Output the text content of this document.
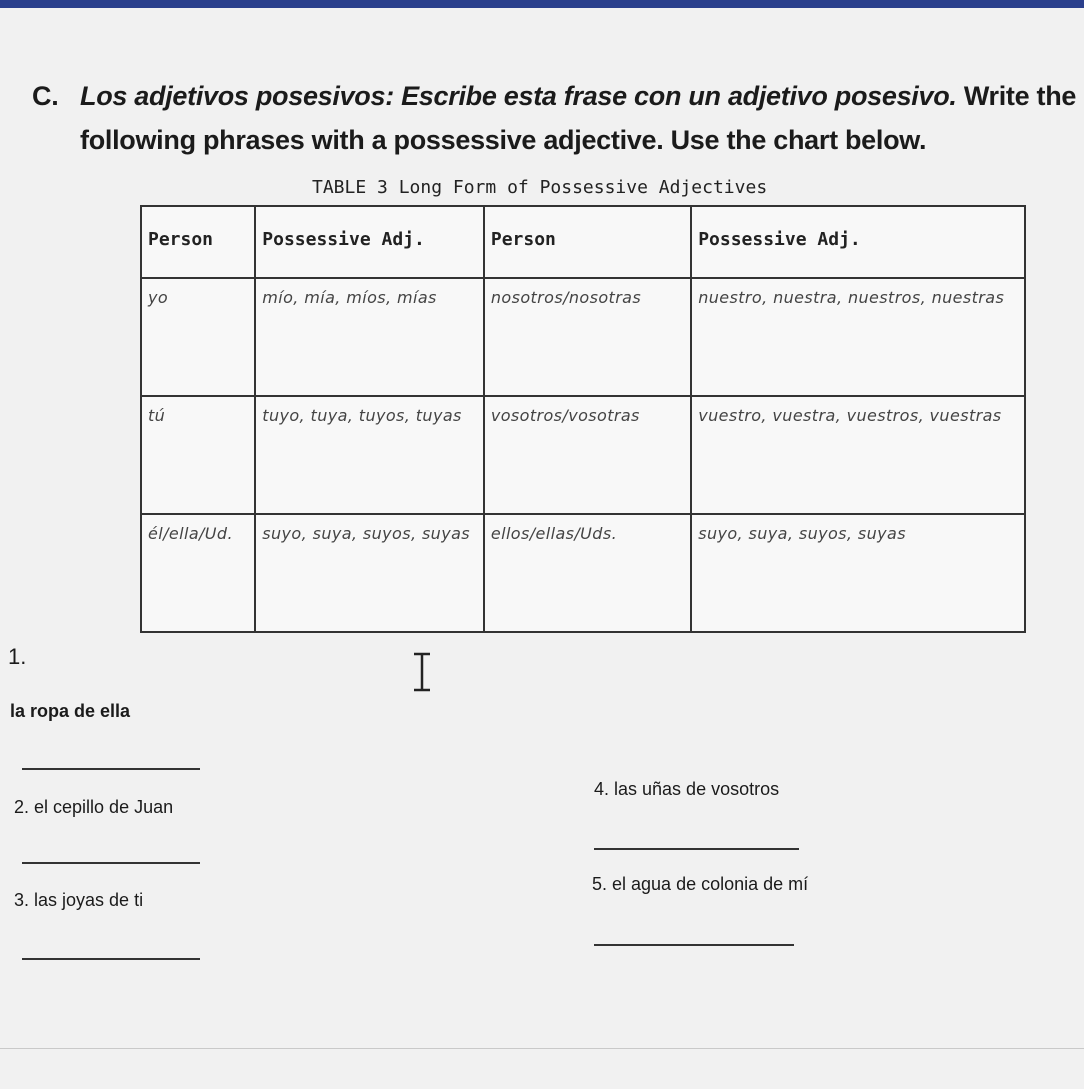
C. Los adjetivos posesivos: Escribe esta frase con un adjetivo posesivo. Write the
following phrases with a possessive adjective. Use the chart below.
TABLE 3 Long Form of Possessive Adjectives
Person	Possessive Adj.	Person	Possessive Adj.
yo	mío, mía, míos, mías	nosotros/nosotras	nuestro, nuestra, nuestros, nuestras
tú	tuyo, tuya, tuyos, tuyas	vosotros/vosotras	vuestro, vuestra, vuestros, vuestras
él/ella/Ud.	suyo, suya, suyos, suyas	ellos/ellas/Uds.	suyo, suya, suyos, suyas
1.
la ropa de ella
2. el cepillo de Juan
3. las joyas de ti
4. las uñas de vosotros
5. el agua de colonia de mí
